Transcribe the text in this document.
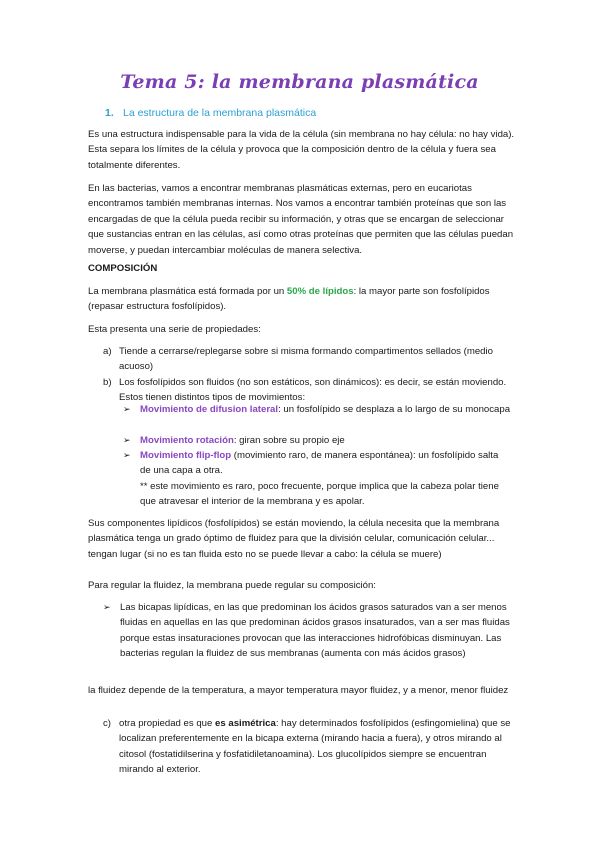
Tema 5: la membrana plasmática
1. La estructura de la membrana plasmática

Es una estructura indispensable para la vida de la célula (sin membrana no hay célula: no hay vida). Esta separa los límites de la célula y provoca que la composición dentro de la célula y fuera sea totalmente diferentes.

En las bacterias, vamos a encontrar membranas plasmáticas externas, pero en eucariotas encontramos también membranas internas. Nos vamos a encontrar también proteínas que son las encargadas de que la célula pueda recibir su información, y otras que se encargan de seleccionar que sustancias entran en las células, así como otras proteínas que permiten que las células puedan moverse, y puedan intercambiar moléculas de manera selectiva.

COMPOSICIÓN

La membrana plasmática está formada por un 50% de lípidos: la mayor parte son fosfolípidos (repasar estructura fosfolípidos).

Esta presenta una serie de propiedades:

a) Tiende a cerrarse/replegarse sobre si misma formando compartimentos sellados (medio acuoso)

b) Los fosfolípidos son fluidos (no son estáticos, son dinámicos): es decir, se están moviendo. Estos tienen distintos tipos de movimientos:

➢ Movimiento de difusion lateral: un fosfolípido se desplaza a lo largo de su monocapa

➢ Movimiento rotación: giran sobre su propio eje

➢ Movimiento flip-flop (movimiento raro, de manera espontánea): un fosfolípido salta de una capa a otra.

** este movimiento es raro, poco frecuente, porque implica que la cabeza polar tiene que atravesar el interior de la membrana y es apolar.

Sus componentes lipídicos (fosfolípidos) se están moviendo, la célula necesita que la membrana plasmática tenga un grado óptimo de fluidez para que la división celular, comunicación celular... tengan lugar (si no es tan fluida esto no se puede llevar a cabo: la célula se muere)

Para regular la fluidez, la membrana puede regular su composición:

➢ Las bicapas lipídicas, en las que predominan los ácidos grasos saturados van a ser menos fluidas en aquellas en las que predominan ácidos grasos insaturados, van a ser mas fluidas porque estas insaturaciones provocan que las interacciones hidrofóbicas disminuyan. Las bacterias regulan la fluidez de sus membranas (aumenta con más ácidos grasos)

la fluidez depende de la temperatura, a mayor temperatura mayor fluidez, y a menor, menor fluidez

c) otra propiedad es que es asimétrica: hay determinados fosfolípidos (esfingomielina) que se localizan preferentemente en la bicapa externa (mirando hacia a fuera), y otros mirando al citosol (fostatidilserina y fosfatidiletanoamina). Los glucolípidos siempre se encuentran mirando al exterior.
